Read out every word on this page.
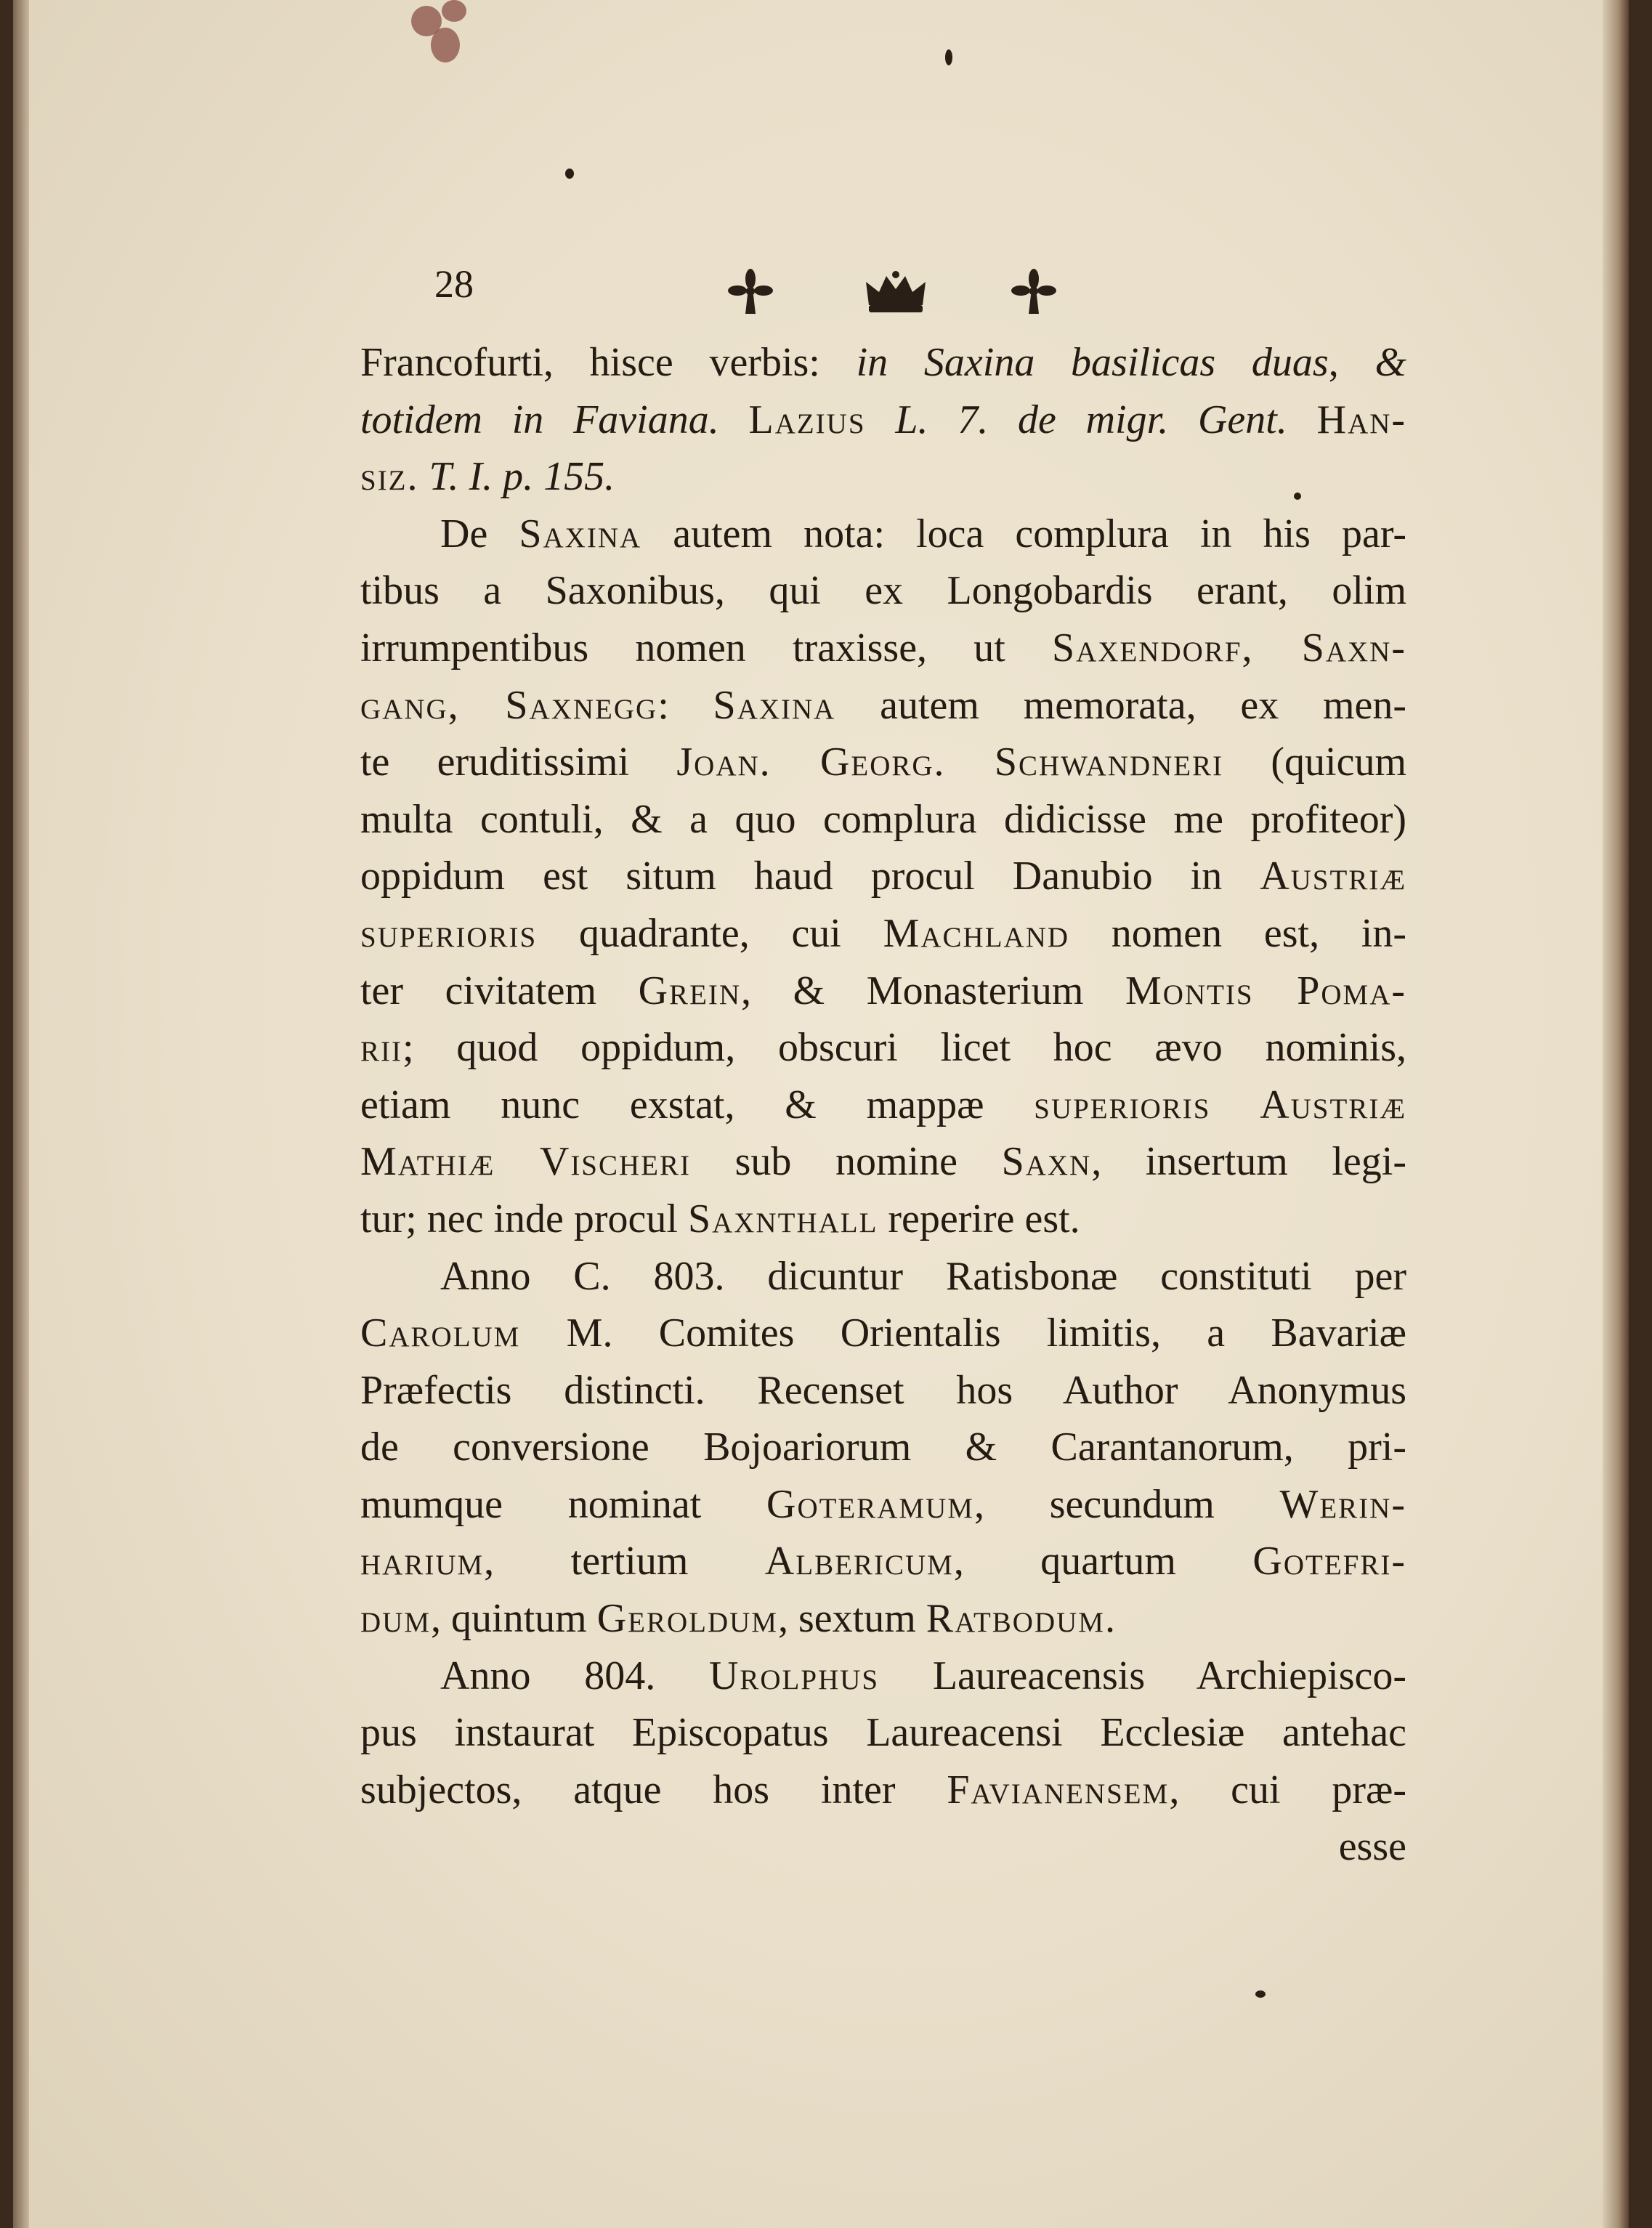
28
Francofurti, hisce verbis: in Saxina basilicas duas, &
totidem in Faviana. Lazius L. 7. de migr. Gent. Han-
siz. T. I. p. 155.
De Saxina autem nota: loca complura in his par-
tibus a Saxonibus, qui ex Longobardis erant, olim
irrumpentibus nomen traxisse, ut Saxendorf, Saxn-
gang, Saxnegg: Saxina autem memorata, ex men-
te eruditissimi Joan. Georg. Schwandneri (quicum
multa contuli, & a quo complura didicisse me profiteor)
oppidum est situm haud procul Danubio in Austriæ
superioris quadrante, cui Machland nomen est, in-
ter civitatem Grein, & Monasterium Montis Poma-
rii; quod oppidum, obscuri licet hoc ævo nominis,
etiam nunc exstat, & mappæ superioris Austriæ
Mathiæ Vischeri sub nomine Saxn, insertum legi-
tur; nec inde procul Saxnthall reperire est.
Anno C. 803. dicuntur Ratisbonæ constituti per
Carolum M. Comites Orientalis limitis, a Bavariæ
Præfectis distincti. Recenset hos Author Anonymus
de conversione Bojoariorum & Carantanorum, pri-
mumque nominat Goteramum, secundum Werin-
harium, tertium Albericum, quartum Gotefri-
dum, quintum Geroldum, sextum Ratbodum.
Anno 804. Urolphus Laureacensis Archiepisco-
pus instaurat Episcopatus Laureacensi Ecclesiæ antehac
subjectos, atque hos inter Favianensem, cui præ-
esse
